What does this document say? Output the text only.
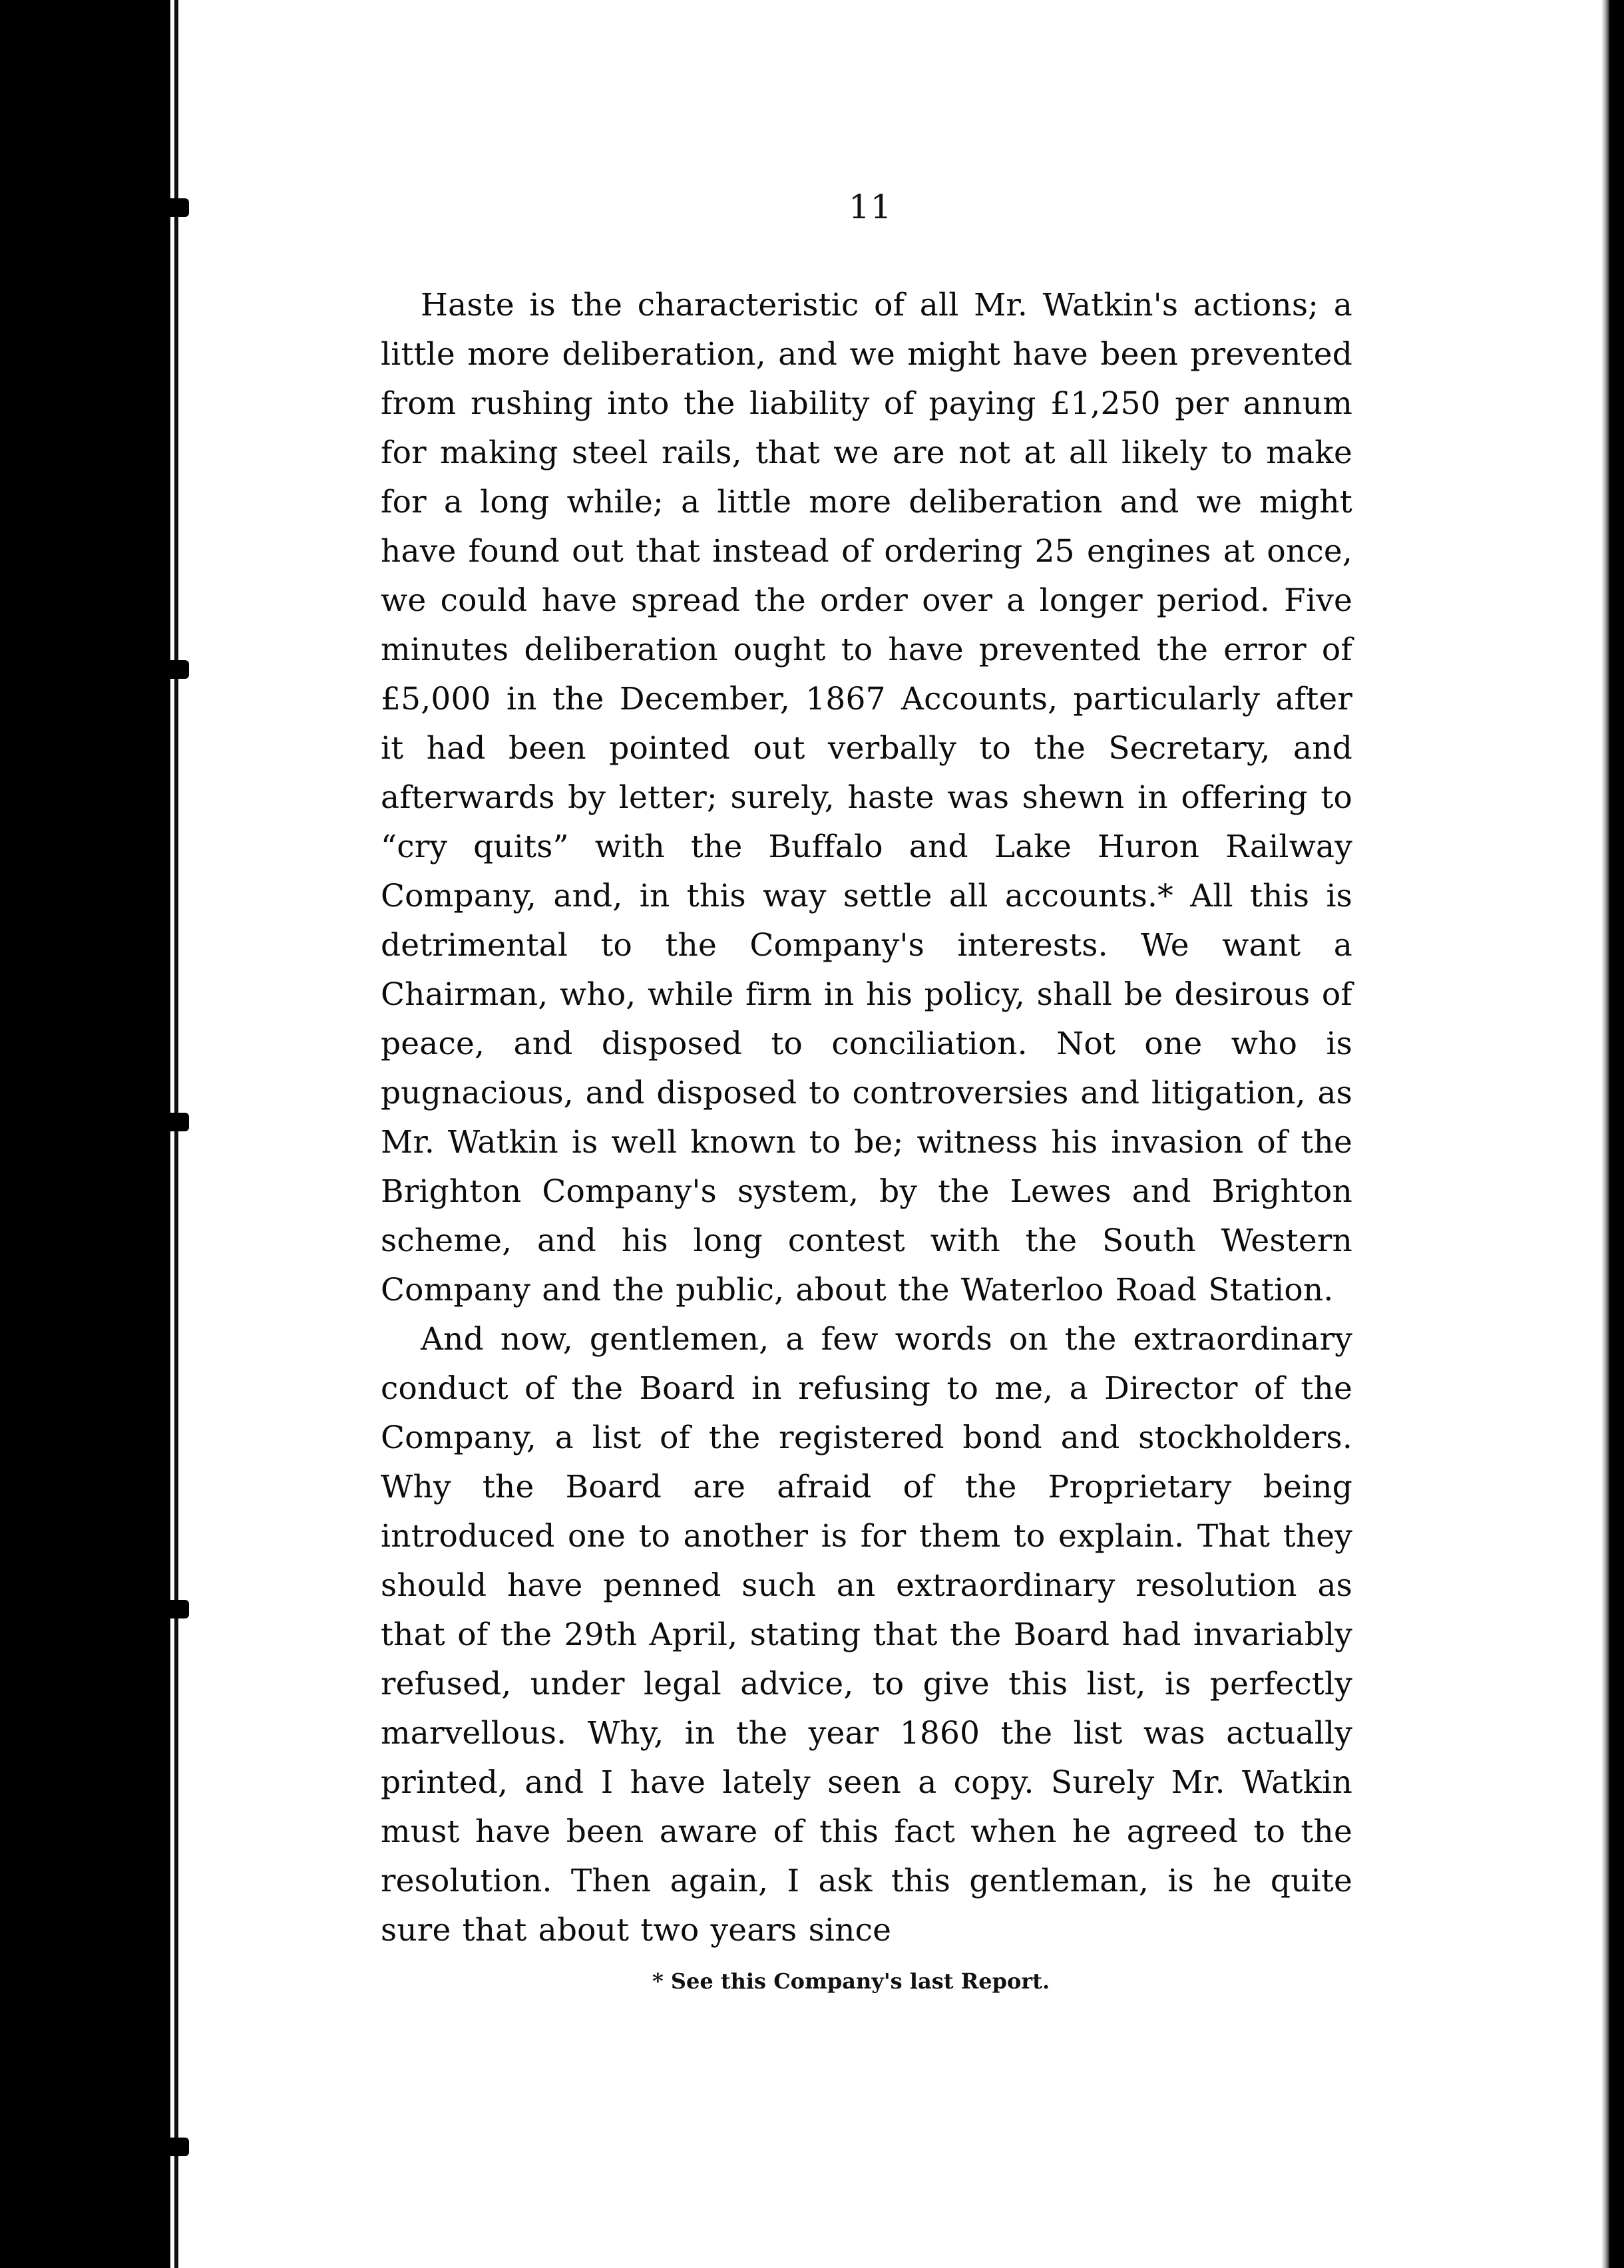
11

Haste is the characteristic of all Mr. Watkin's actions; a little more deliberation, and we might have been prevented from rushing into the liability of paying £1,250 per annum for making steel rails, that we are not at all likely to make for a long while; a little more deliberation and we might have found out that instead of ordering 25 engines at once, we could have spread the order over a longer period. Five minutes deliberation ought to have prevented the error of £5,000 in the December, 1867 Accounts, particularly after it had been pointed out verbally to the Secretary, and afterwards by letter; surely, haste was shewn in offering to “cry quits” with the Buffalo and Lake Huron Railway Company, and, in this way settle all accounts.* All this is detrimental to the Company's interests. We want a Chairman, who, while firm in his policy, shall be desirous of peace, and disposed to conciliation. Not one who is pugnacious, and disposed to controversies and litigation, as Mr. Watkin is well known to be; witness his invasion of the Brighton Company's system, by the Lewes and Brighton scheme, and his long contest with the South Western Company and the public, about the Waterloo Road Station.

And now, gentlemen, a few words on the extraordinary conduct of the Board in refusing to me, a Director of the Company, a list of the registered bond and stockholders. Why the Board are afraid of the Proprietary being introduced one to another is for them to explain. That they should have penned such an extraordinary resolution as that of the 29th April, stating that the Board had invariably refused, under legal advice, to give this list, is perfectly marvellous. Why, in the year 1860 the list was actually printed, and I have lately seen a copy. Surely Mr. Watkin must have been aware of this fact when he agreed to the resolution. Then again, I ask this gentleman, is he quite sure that about two years since

* See this Company's last Report.
